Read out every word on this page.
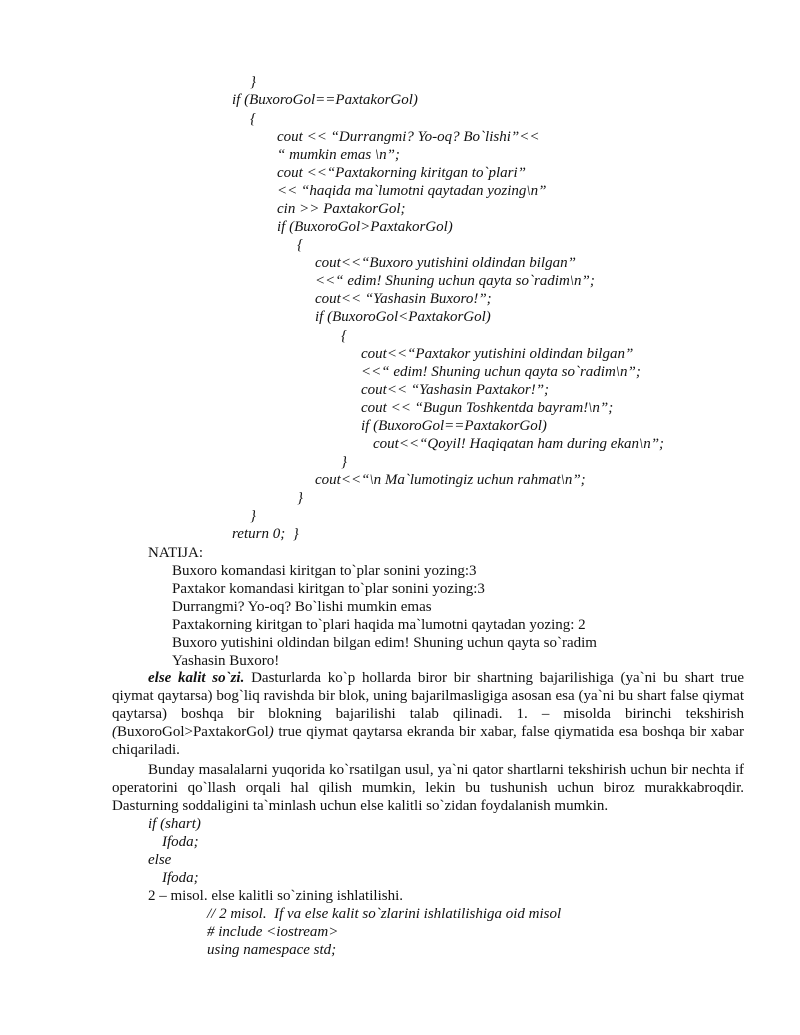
}
if (BuxoroGol==PaxtakorGol)
{
cout << “Durrangmi? Yo-oq? Bo`lishi”<<
“ mumkin emas \n”;
cout <<“Paxtakorning kiritgan to`plari”
<< “haqida ma`lumotni qaytadan yozing\n”
cin >> PaxtakorGol;
if (BuxoroGol>PaxtakorGol)
{
cout<<“Buxoro yutishini oldindan bilgan”
<<“ edim! Shuning uchun qayta so`radim\n”;
cout<< “Yashasin Buxoro!”;
if (BuxoroGol<PaxtakorGol)
{
cout<<“Paxtakor yutishini oldindan bilgan”
<<“ edim! Shuning uchun qayta so`radim\n”;
cout<< “Yashasin Paxtakor!”;
cout << “Bugun Toshkentda bayram!\n”;
if (BuxoroGol==PaxtakorGol)
cout<<“Qoyil! Haqiqatan ham during ekan\n”;
}
cout<<“\n Ma`lumotingiz uchun rahmat\n”;
}
}
return 0;  }
NATIJA:
Buxoro komandasi kiritgan to`plar sonini yozing:3
Paxtakor komandasi kiritgan to`plar sonini yozing:3
Durrangmi? Yo-oq? Bo`lishi mumkin emas
Paxtakorning kiritgan to`plari haqida ma`lumotni qaytadan yozing: 2
Buxoro yutishini oldindan bilgan edim! Shuning uchun qayta so`radim
Yashasin Buxoro!
else kalit so`zi. Dasturlarda ko`p hollarda biror bir shartning bajarilishiga (ya`ni bu shart true qiymat qaytarsa) bog`liq ravishda bir blok, uning bajarilmasligiga asosan esa (ya`ni bu shart false qiymat qaytarsa) boshqa bir blokning bajarilishi talab qilinadi. 1. – misolda birinchi tekshirish (BuxoroGol>PaxtakorGol) true qiymat qaytarsa ekranda bir xabar, false qiymatida esa boshqa bir xabar chiqariladi.
Bunday masalalarni yuqorida ko`rsatilgan usul, ya`ni qator shartlarni tekshirish uchun bir nechta if operatorini qo`llash orqali hal qilish mumkin, lekin bu tushunish uchun biroz murakkabroqdir. Dasturning soddaligini ta`minlash uchun else kalitli so`zidan foydalanish mumkin.
if (shart)
Ifoda;
else
Ifoda;
2 – misol. else kalitli so`zining ishlatilishi.
// 2 misol.  If va else kalit so`zlarini ishlatilishiga oid misol
# include <iostream>
using namespace std;
